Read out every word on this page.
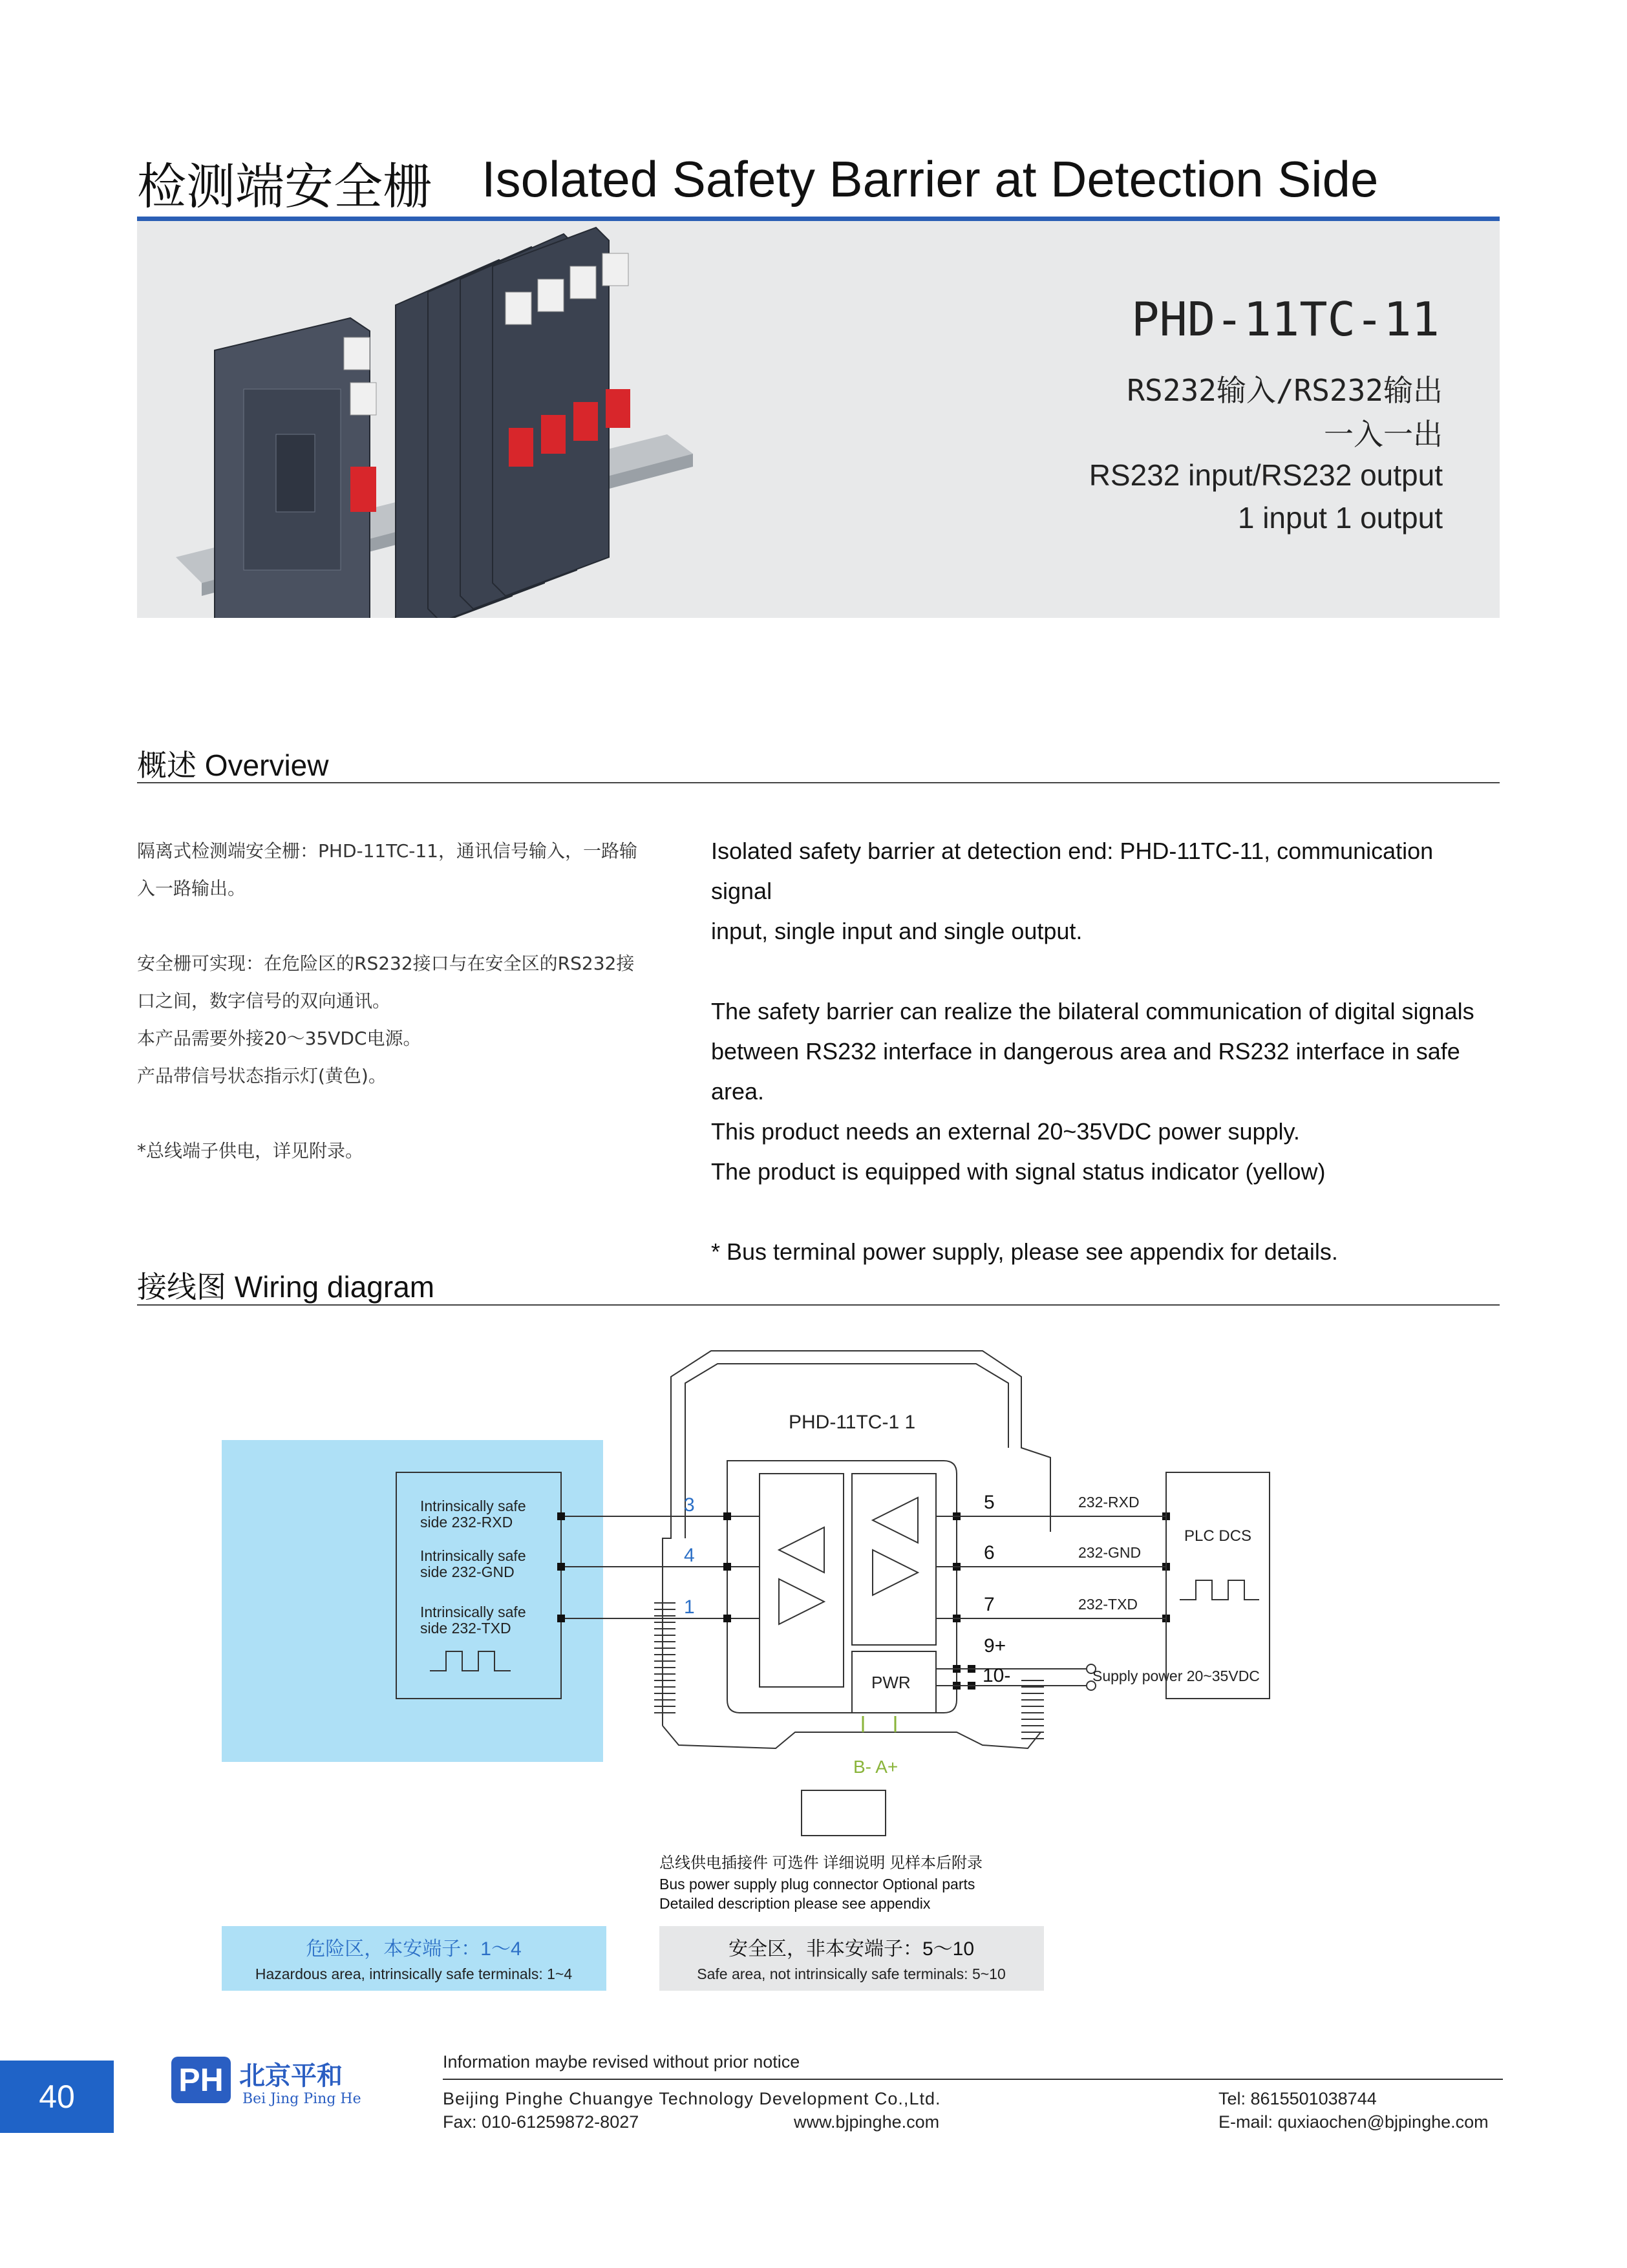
检测端安全栅 Isolated Safety Barrier at Detection Side
PHD-11TC-11
RS232输入/RS232输出
一入一出
RS232 input/RS232 output
1 input 1 output
概述 Overview
隔离式检测端安全栅：PHD-11TC-11，通讯信号输入，一路输
入一路输出。
安全栅可实现：在危险区的RS232接口与在安全区的RS232接
口之间，数字信号的双向通讯。
本产品需要外接20～35VDC电源。
产品带信号状态指示灯(黄色)。
*总线端子供电，详见附录。
Isolated safety barrier at detection end: PHD-11TC-11, communication signal
input, single input and single output.
The safety barrier can realize the bilateral communication of digital signals
between RS232 interface in dangerous area and RS232 interface in safe area.
This product needs an external 20~35VDC power supply.
The product is equipped with signal status indicator (yellow)
* Bus terminal power supply, please see appendix for details.
接线图 Wiring diagram
Intrinsically safe
side 232-RXD
Intrinsically safe
side 232-GND
Intrinsically safe
side 232-TXD
PHD-11TC-1 1
PWR
3
4
1
5
6
7
9+
10-
232-RXD
232-GND
232-TXD
Supply power 20~35VDC
PLC DCS
B- A+
总线供电插接件 可选件 详细说明 见样本后附录
Bus power supply plug connector Optional parts
Detailed description please see appendix
危险区，本安端子：1～4
Hazardous area, intrinsically safe terminals: 1~4
安全区，非本安端子：5～10
Safe area, not intrinsically safe terminals: 5~10
40	PH 北京平和
Bei Jing Ping He
Information maybe revised without prior notice
Beijing Pinghe Chuangye Technology Development Co.,Ltd.
Fax: 010-61259872-8027	www.bjpinghe.com
Tel: 8615501038744
E-mail: quxiaochen@bjpinghe.com
